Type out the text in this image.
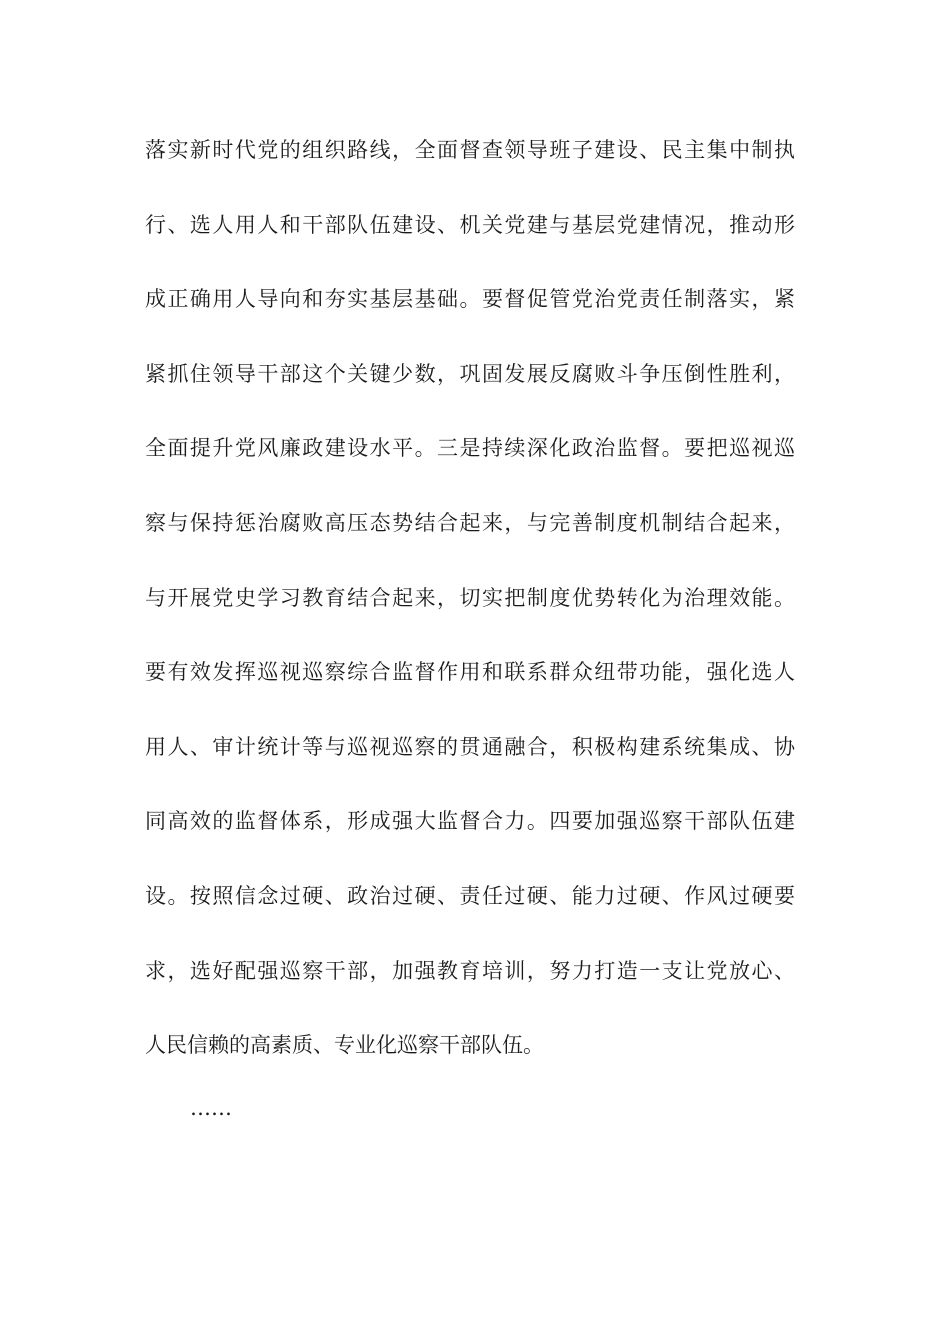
落实新时代党的组织路线，全面督查领导班子建设、民主集中制执
行、选人用人和干部队伍建设、机关党建与基层党建情况，推动形
成正确用人导向和夯实基层基础。要督促管党治党责任制落实，紧
紧抓住领导干部这个关键少数，巩固发展反腐败斗争压倒性胜利，
全面提升党风廉政建设水平。三是持续深化政治监督。要把巡视巡
察与保持惩治腐败高压态势结合起来，与完善制度机制结合起来，
与开展党史学习教育结合起来，切实把制度优势转化为治理效能。
要有效发挥巡视巡察综合监督作用和联系群众纽带功能，强化选人
用人、审计统计等与巡视巡察的贯通融合，积极构建系统集成、协
同高效的监督体系，形成强大监督合力。四要加强巡察干部队伍建
设。按照信念过硬、政治过硬、责任过硬、能力过硬、作风过硬要
求，选好配强巡察干部，加强教育培训，努力打造一支让党放心、
人民信赖的高素质、专业化巡察干部队伍。
……
